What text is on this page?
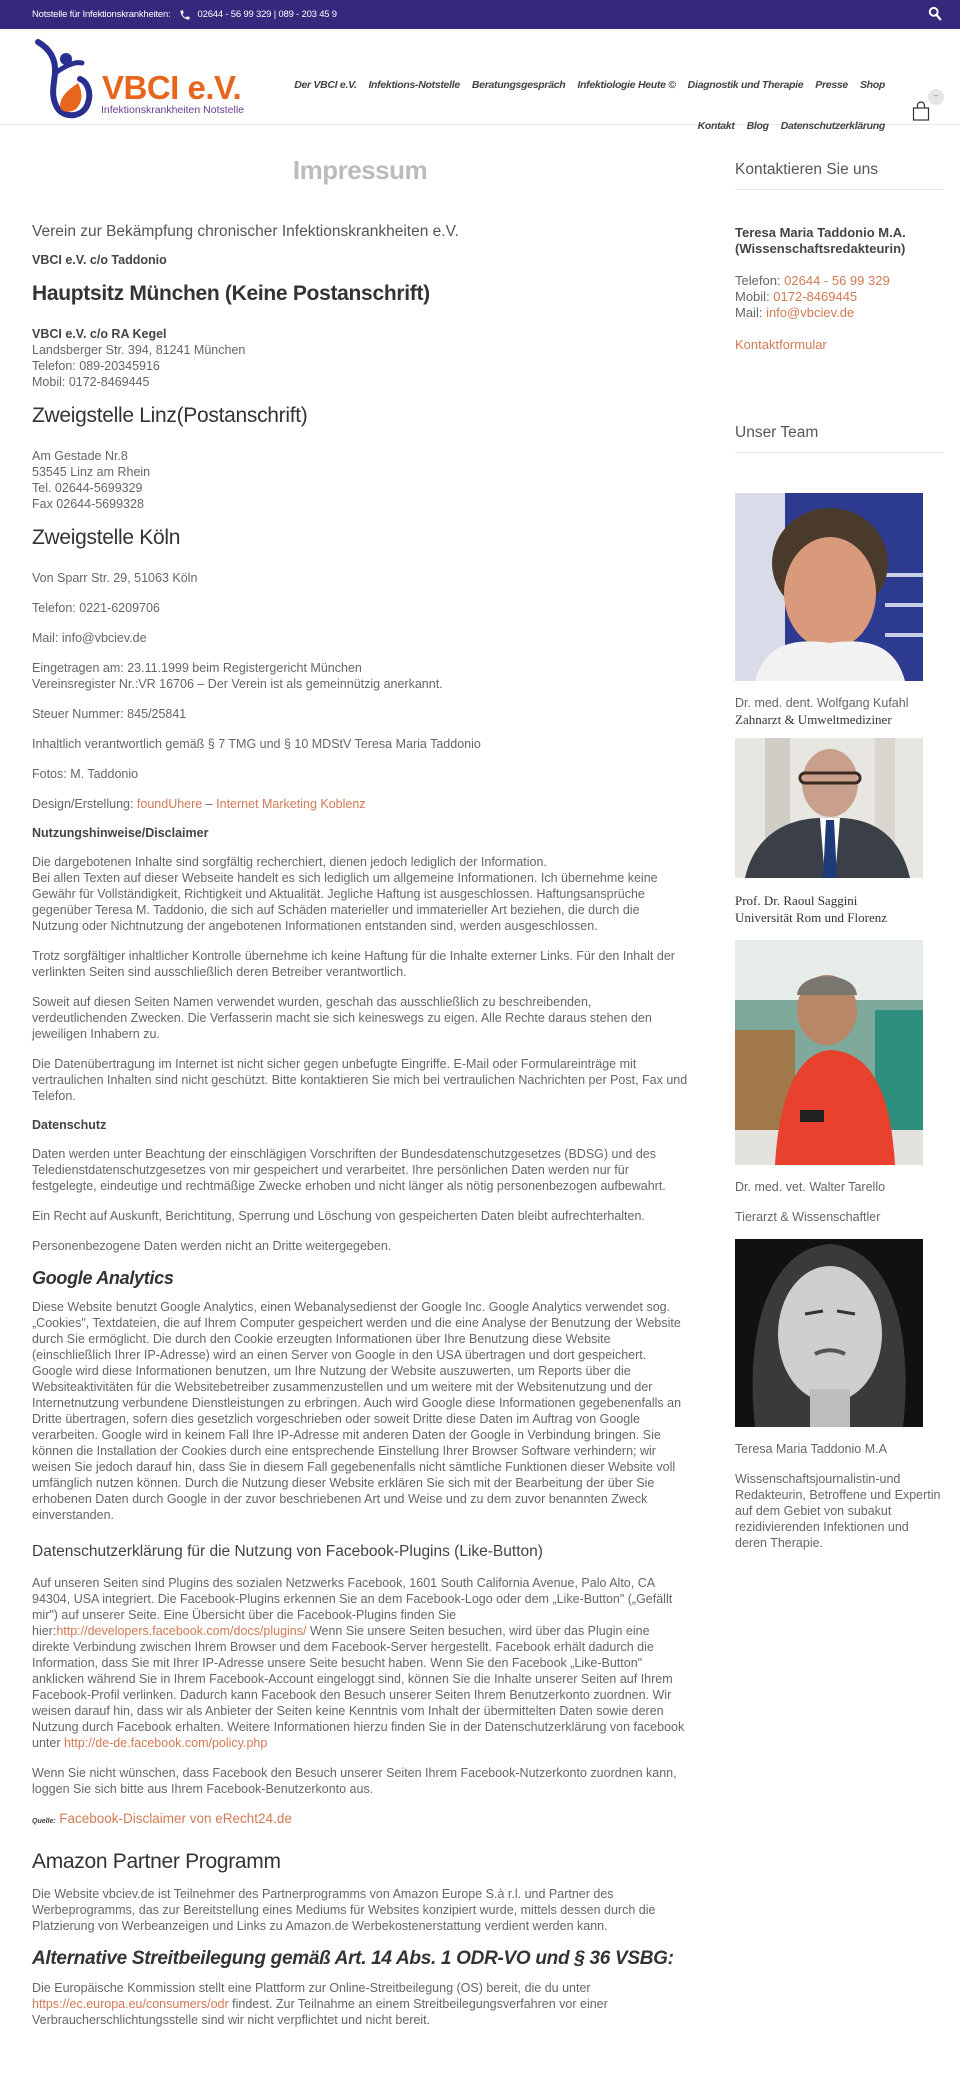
Notstelle für Infektionskrankheiten:	02644 - 56 99 329 | 089 - 203 45 9
VBCI e.V.
Infektionskrankheiten Notstelle
Der VBCI e.V. Infektions-Notstelle Beratungsgespräch Infektiologie Heute © Diagnostik und Therapie Presse Shop
Kontakt Blog Datenschutzerklärung
–
Impressum

Verein zur Bekämpfung chronischer Infektionskrankheiten e.V.

VBCI e.V. c/o Taddonio

Hauptsitz München (Keine Postanschrift)

VBCI e.V. c/o RA Kegel
Landsberger Str. 394, 81241 München
Telefon: 089-20345916
Mobil: 0172-8469445

Zweigstelle Linz(Postanschrift)

Am Gestade Nr.8
53545 Linz am Rhein
Tel. 02644-5699329
Fax 02644-5699328

Zweigstelle Köln

Von Sparr Str. 29, 51063 Köln

Telefon: 0221-6209706

Mail: info@vbciev.de

Eingetragen am: 23.11.1999 beim Registergericht München
Vereinsregister Nr.:VR 16706 – Der Verein ist als gemeinnützig anerkannt.

Steuer Nummer: 845/25841

Inhaltlich verantwortlich gemäß § 7 TMG und § 10 MDStV Teresa Maria Taddonio

Fotos: M. Taddonio

Design/Erstellung: foundUhere – Internet Marketing Koblenz

Nutzungshinweise/Disclaimer

Die dargebotenen Inhalte sind sorgfältig recherchiert, dienen jedoch lediglich der Information.
Bei allen Texten auf dieser Webseite handelt es sich lediglich um allgemeine Informationen. Ich übernehme keine Gewähr für Vollständigkeit, Richtigkeit und Aktualität. Jegliche Haftung ist ausgeschlossen. Haftungsansprüche gegenüber Teresa M. Taddonio, die sich auf Schäden materieller und immaterieller Art beziehen, die durch die Nutzung oder Nichtnutzung der angebotenen Informationen entstanden sind, werden ausgeschlossen.

Trotz sorgfältiger inhaltlicher Kontrolle übernehme ich keine Haftung für die Inhalte externer Links. Für den Inhalt der verlinkten Seiten sind ausschließlich deren Betreiber verantwortlich.

Soweit auf diesen Seiten Namen verwendet wurden, geschah das ausschließlich zu beschreibenden, verdeutlichenden Zwecken. Die Verfasserin macht sie sich keineswegs zu eigen. Alle Rechte daraus stehen den jeweiligen Inhabern zu.

Die Datenübertragung im Internet ist nicht sicher gegen unbefugte Eingriffe. E-Mail oder Formulareinträge mit vertraulichen Inhalten sind nicht geschützt. Bitte kontaktieren Sie mich bei vertraulichen Nachrichten per Post, Fax und Telefon.

Datenschutz

Daten werden unter Beachtung der einschlägigen Vorschriften der Bundesdatenschutzgesetzes (BDSG) und des Teledienstdatenschutzgesetzes von mir gespeichert und verarbeitet. Ihre persönlichen Daten werden nur für festgelegte, eindeutige und rechtmäßige Zwecke erhoben und nicht länger als nötig personenbezogen aufbewahrt.

Ein Recht auf Auskunft, Berichtitung, Sperrung und Löschung von gespeicherten Daten bleibt aufrechterhalten.

Personenbezogene Daten werden nicht an Dritte weitergegeben.

Google Analytics

Diese Website benutzt Google Analytics, einen Webanalysedienst der Google Inc. Google Analytics verwendet sog. „Cookies", Textdateien, die auf Ihrem Computer gespeichert werden und die eine Analyse der Benutzung der Website durch Sie ermöglicht. Die durch den Cookie erzeugten Informationen über Ihre Benutzung diese Website (einschließlich Ihrer IP-Adresse) wird an einen Server von Google in den USA übertragen und dort gespeichert. Google wird diese Informationen benutzen, um Ihre Nutzung der Website auszuwerten, um Reports über die Websiteaktivitäten für die Websitebetreiber zusammenzustellen und um weitere mit der Websitenutzung und der Internetnutzung verbundene Dienstleistungen zu erbringen. Auch wird Google diese Informationen gegebenenfalls an Dritte übertragen, sofern dies gesetzlich vorgeschrieben oder soweit Dritte diese Daten im Auftrag von Google verarbeiten. Google wird in keinem Fall Ihre IP-Adresse mit anderen Daten der Google in Verbindung bringen. Sie können die Installation der Cookies durch eine entsprechende Einstellung Ihrer Browser Software verhindern; wir weisen Sie jedoch darauf hin, dass Sie in diesem Fall gegebenenfalls nicht sämtliche Funktionen dieser Website voll umfänglich nutzen können. Durch die Nutzung dieser Website erklären Sie sich mit der Bearbeitung der über Sie erhobenen Daten durch Google in der zuvor beschriebenen Art und Weise und zu dem zuvor benannten Zweck einverstanden.

Datenschutzerklärung für die Nutzung von Facebook-Plugins (Like-Button)

Auf unseren Seiten sind Plugins des sozialen Netzwerks Facebook, 1601 South California Avenue, Palo Alto, CA 94304, USA integriert. Die Facebook-Plugins erkennen Sie an dem Facebook-Logo oder dem „Like-Button" („Gefällt mir") auf unserer Seite. Eine Übersicht über die Facebook-Plugins finden Sie hier:http://developers.facebook.com/docs/plugins/ Wenn Sie unsere Seiten besuchen, wird über das Plugin eine direkte Verbindung zwischen Ihrem Browser und dem Facebook-Server hergestellt. Facebook erhält dadurch die Information, dass Sie mit Ihrer IP-Adresse unsere Seite besucht haben. Wenn Sie den Facebook „Like-Button" anklicken während Sie in Ihrem Facebook-Account eingeloggt sind, können Sie die Inhalte unserer Seiten auf Ihrem Facebook-Profil verlinken. Dadurch kann Facebook den Besuch unserer Seiten Ihrem Benutzerkonto zuordnen. Wir weisen darauf hin, dass wir als Anbieter der Seiten keine Kenntnis vom Inhalt der übermittelten Daten sowie deren Nutzung durch Facebook erhalten. Weitere Informationen hierzu finden Sie in der Datenschutzerklärung von facebook unter http://de-de.facebook.com/policy.php

Wenn Sie nicht wünschen, dass Facebook den Besuch unserer Seiten Ihrem Facebook-Nutzerkonto zuordnen kann, loggen Sie sich bitte aus Ihrem Facebook-Benutzerkonto aus.

Quelle: Facebook-Disclaimer von eRecht24.de

Amazon Partner Programm

Die Website vbciev.de ist Teilnehmer des Partnerprogramms von Amazon Europe S.à r.l. und Partner des Werbeprogramms, das zur Bereitstellung eines Mediums für Websites konzipiert wurde, mittels dessen durch die Platzierung von Werbeanzeigen und Links zu Amazon.de Werbekostenerstattung verdient werden kann.

Alternative Streitbeilegung gemäß Art. 14 Abs. 1 ODR-VO und § 36 VSBG:

Die Europäische Kommission stellt eine Plattform zur Online-Streitbeilegung (OS) bereit, die du unter https://ec.europa.eu/consumers/odr findest. Zur Teilnahme an einem Streitbeilegungsverfahren vor einer Verbraucherschlichtungsstelle sind wir nicht verpflichtet und nicht bereit.

Kontaktieren Sie uns
Teresa Maria Taddonio M.A.
(Wissenschaftsredakteurin)
Telefon: 02644 - 56 99 329
Mobil: 0172-8469445
Mail: info@vbciev.de
Kontaktformular
Unser Team
Dr. med. dent. Wolfgang Kufahl
Zahnarzt & Umweltmediziner
Prof. Dr. Raoul Saggini
Universität Rom und Florenz
Dr. med. vet. Walter Tarello
Tierarzt & Wissenschaftler
Teresa Maria Taddonio M.A
Wissenschaftsjournalistin-und Redakteurin, Betroffene und Expertin auf dem Gebiet von subakut rezidivierenden Infektionen und deren Therapie.
